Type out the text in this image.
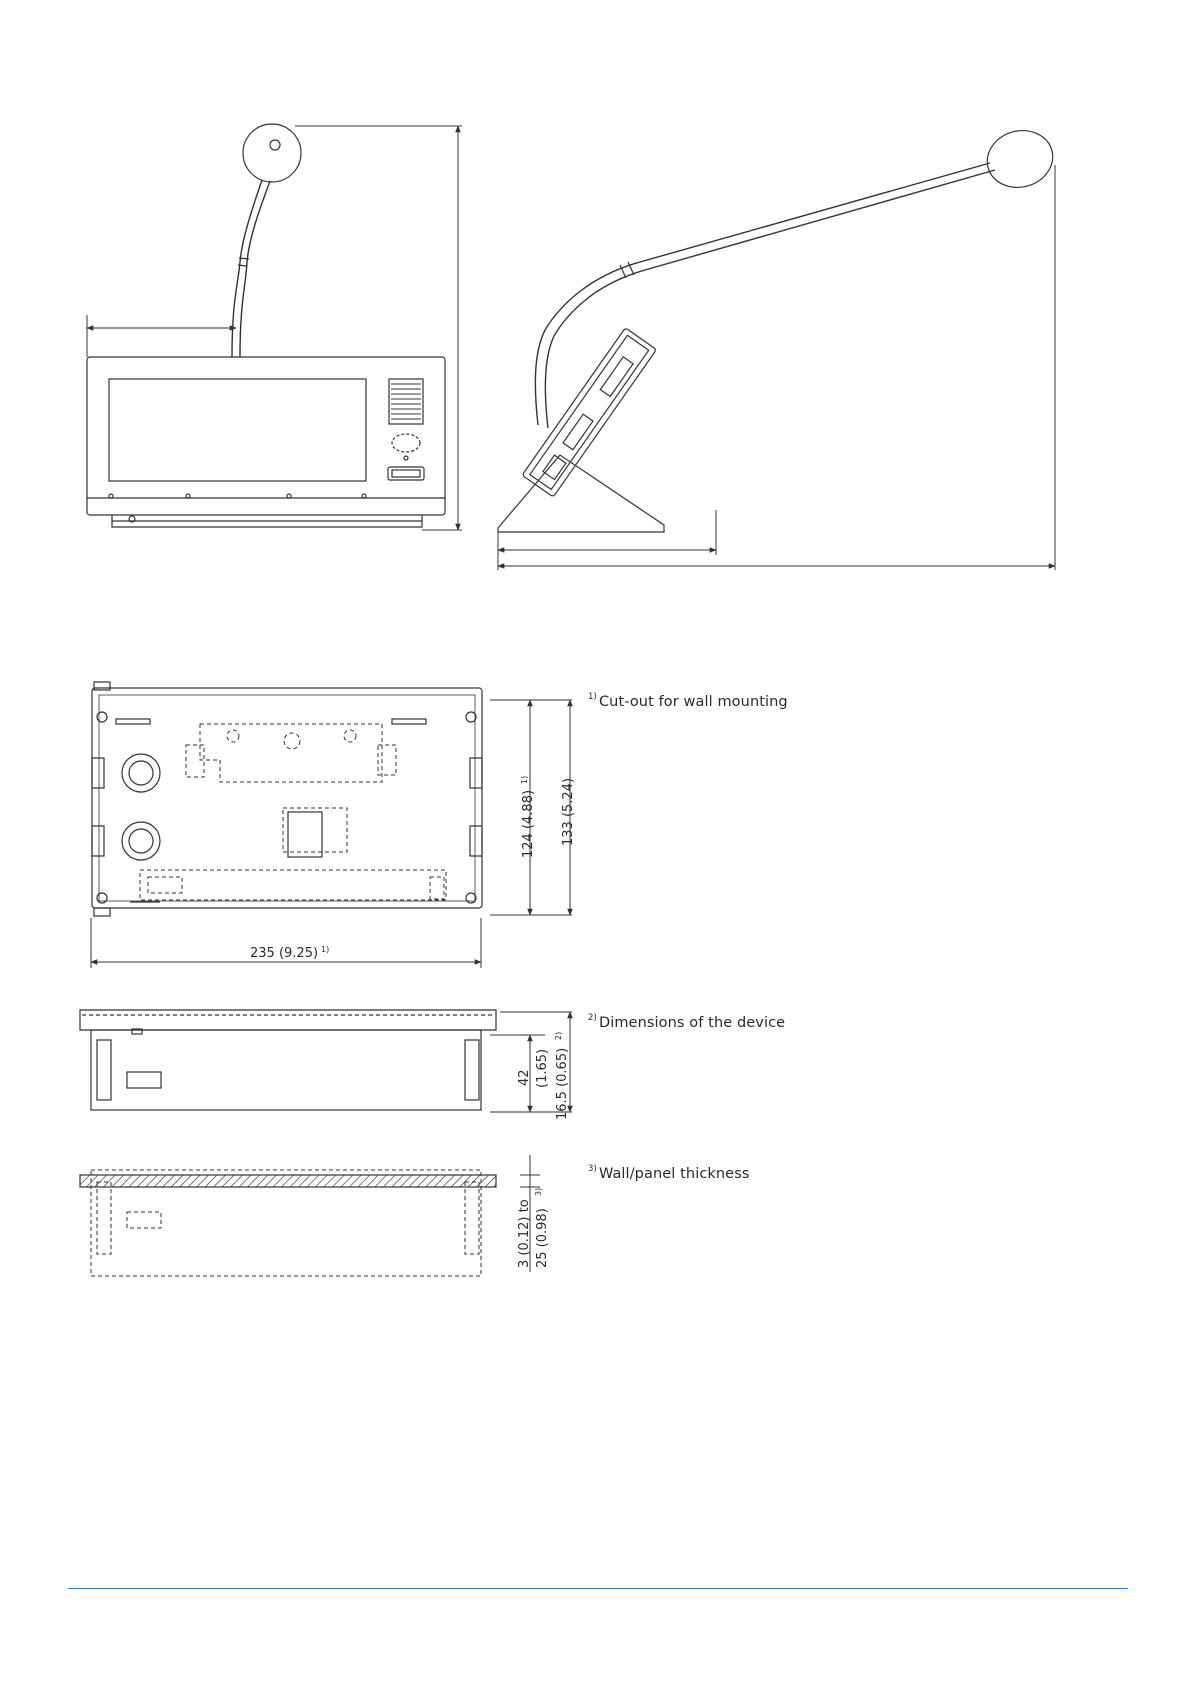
235 (9.25) 1)
124 (4.88)
1) 133 (5.24)
42 (1.65) 16.5 (0.65)
2)
3 (0.12) to 25 (0.98)
3)
$^{1)}$ Cut-out for wall mounting
$^{2)}$ Dimensions of the device
$^{3)}$ Wall/panel thickness
